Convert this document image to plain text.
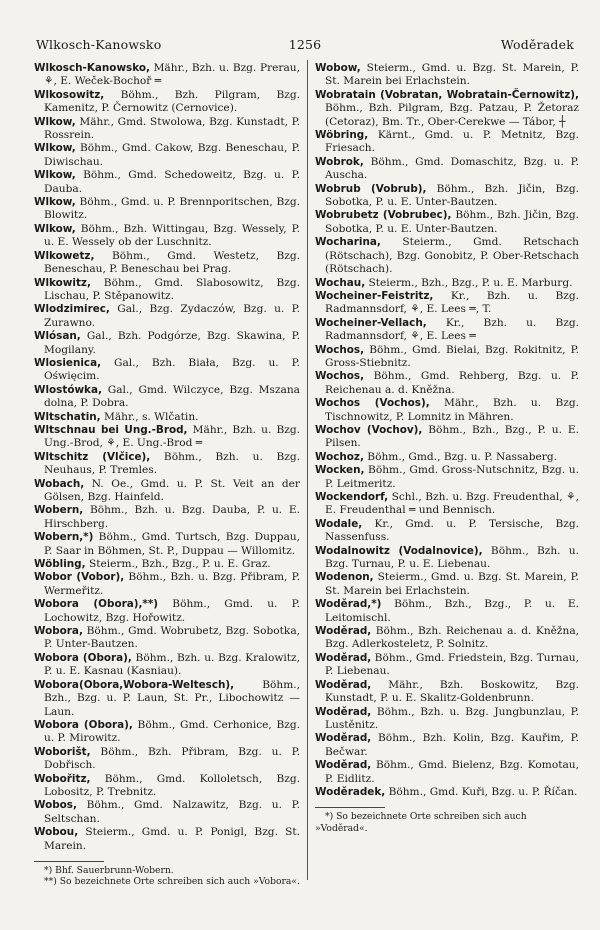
Wlkosch-Kanowsko	1256	Woděradek
Wlkosch-Kanowsko, Mähr., Bzh. u. Bzg. Prerau, ⚘, E. Weček-Bochoř ═
Wlkosowitz, Böhm., Bzh. Pilgram, Bzg. Kamenitz, P. Černowitz (Cernovice).
Wlkow, Mähr., Gmd. Stwolowa, Bzg. Kunstadt, P. Rossrein.
Wlkow, Böhm., Gmd. Cakow, Bzg. Beneschau, P. Diwischau.
Wlkow, Böhm., Gmd. Schedoweitz, Bzg. u. P. Dauba.
Wlkow, Böhm., Gmd. u. P. Brennporitschen, Bzg. Blowitz.
Wlkow, Böhm., Bzh. Wittingau, Bzg. Wessely, P. u. E. Wessely ob der Luschnitz.
Wlkowetz, Böhm., Gmd. Westetz, Bzg. Beneschau, P. Beneschau bei Prag.
Wlkowitz, Böhm., Gmd. Slabosowitz, Bzg. Lischau, P. Stěpanowitz.
Wlodzimirec, Gal., Bzg. Zydaczów, Bzg. u. P. Zurawno.
Wlósan, Gal., Bzh. Podgórze, Bzg. Skawina, P. Mogilany.
Wlosienica, Gal., Bzh. Biała, Bzg. u. P. Oświęcim.
Wlostówka, Gal., Gmd. Wilczyce, Bzg. Mszana dolna, P. Dobra.
Wltschatin, Mähr., s. Wlčatin.
Wltschnau bei Ung.-Brod, Mähr., Bzh. u. Bzg. Ung.-Brod, ⚘, E. Ung.-Brod ═
Wltschitz (Vlčice), Böhm., Bzh. u. Bzg. Neuhaus, P. Tremles.
Wobach, N. Oe., Gmd. u. P. St. Veit an der Gölsen, Bzg. Hainfeld.
Wobern, Böhm., Bzh. u. Bzg. Dauba, P. u. E. Hirschberg.
Wobern,*) Böhm., Gmd. Turtsch, Bzg. Duppau, P. Saar in Böhmen, St. P., Duppau — Willomitz.
Wöbling, Steierm., Bzh., Bzg., P. u. E. Graz.
Wobor (Vobor), Böhm., Bzh. u. Bzg. Přibram, P. Wermeřitz.
Wobora (Obora),**) Böhm., Gmd. u. P. Lochowitz, Bzg. Hořowitz.
Wobora, Böhm., Gmd. Wobrubetz, Bzg. Sobotka, P. Unter-Bautzen.
Wobora (Obora), Böhm., Bzh. u. Bzg. Kralowitz, P. u. E. Kasnau (Kasniau).
Wobora(Obora,Wobora-Weltesch), Böhm., Bzh., Bzg. u. P. Laun, St. Pr., Libochowitz — Laun.
Wobora (Obora), Böhm., Gmd. Cerhonice, Bzg. u. P. Mirowitz.
Woborišt, Böhm., Bzh. Přibram, Bzg. u. P. Dobřisch.
Wobořitz, Böhm., Gmd. Kolloletsch, Bzg. Lobositz, P. Trebnitz.
Wobos, Böhm., Gmd. Nalzawitz, Bzg. u. P. Seltschan.
Wobou, Steierm., Gmd. u. P. Ponigl, Bzg. St. Marein.
*) Bhf. Sauerbrunn-Wobern.
**) So bezeichnete Orte schreiben sich auch »Vobora«.
Wobow, Steierm., Gmd. u. Bzg. St. Marein, P. St. Marein bei Erlachstein.
Wobratain (Vobratan, Wobratain-Černowitz), Böhm., Bzh. Pilgram, Bzg. Patzau, P. Žetoraz (Cetoraz), Bm. Tr., Ober-Cerekwe — Tábor, ┼
Wöbring, Kärnt., Gmd. u. P. Metnitz, Bzg. Friesach.
Wobrok, Böhm., Gmd. Domaschitz, Bzg. u. P. Auscha.
Wobrub (Vobrub), Böhm., Bzh. Jičin, Bzg. Sobotka, P. u. E. Unter-Bautzen.
Wobrubetz (Vobrubec), Böhm., Bzh. Jičin, Bzg. Sobotka, P. u. E. Unter-Bautzen.
Wocharina, Steierm., Gmd. Retschach (Rötschach), Bzg. Gonobitz, P. Ober-Retschach (Rötschach).
Wochau, Steierm., Bzh., Bzg., P. u. E. Marburg.
Wocheiner-Feistritz, Kr., Bzh. u. Bzg. Radmannsdorf, ⚘, E. Lees ═, T.
Wocheiner-Vellach, Kr., Bzh. u. Bzg. Radmannsdorf, ⚘, E. Lees ═
Wochos, Böhm., Gmd. Bielai, Bzg. Rokitnitz, P. Gross-Stiebnitz.
Wochos, Böhm., Gmd. Rehberg, Bzg. u. P. Reichenau a. d. Kněžna.
Wochos (Vochos), Mähr., Bzh. u. Bzg. Tischnowitz, P. Lomnitz in Mähren.
Wochov (Vochov), Böhm., Bzh., Bzg., P. u. E. Pilsen.
Wochoz, Böhm., Gmd., Bzg. u. P. Nassaberg.
Wocken, Böhm., Gmd. Gross-Nutschnitz, Bzg. u. P. Leitmeritz.
Wockendorf, Schl., Bzh. u. Bzg. Freudenthal, ⚘, E. Freudenthal ═ und Bennisch.
Wodale, Kr., Gmd. u. P. Tersische, Bzg. Nassenfuss.
Wodalnowitz (Vodalnovice), Böhm., Bzh. u. Bzg. Turnau, P. u. E. Liebenau.
Wodenon, Steierm., Gmd. u. Bzg. St. Marein, P. St. Marein bei Erlachstein.
Woděrad,*) Böhm., Bzh., Bzg., P. u. E. Leitomischl.
Woděrad, Böhm., Bzh. Reichenau a. d. Kněžna, Bzg. Adlerkosteletz, P. Solnitz.
Woděrad, Böhm., Gmd. Friedstein, Bzg. Turnau, P. Liebenau.
Woděrad, Mähr., Bzh. Boskowitz, Bzg. Kunstadt, P. u. E. Skalitz-Goldenbrunn.
Woděrad, Böhm., Bzh. u. Bzg. Jungbunzlau, P. Lustěnitz.
Woděrad, Böhm., Bzh. Kolin, Bzg. Kauřim, P. Bečwar.
Woděrad, Böhm., Gmd. Bielenz, Bzg. Komotau, P. Eidlitz.
Woděradek, Böhm., Gmd. Kuři, Bzg. u. P. Říčan.
*) So bezeichnete Orte schreiben sich auch »Voděrad«.
